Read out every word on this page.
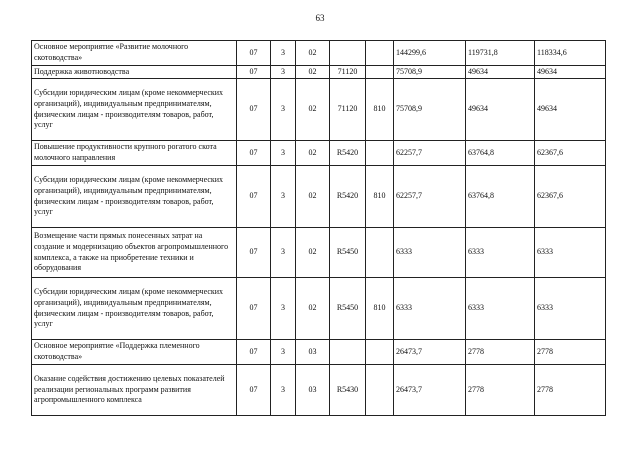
63
Основное мероприятие «Развитие молочного скотоводства»	07	3	02			144299,6	119731,8	118334,6
Поддержка животноводства	07	3	02	71120		75708,9	49634	49634
Субсидии юридическим лицам (кроме некоммерческих организаций), индивидуальным предпринимателям, физическим лицам - производителям товаров, работ, услуг	07	3	02	71120	810	75708,9	49634	49634
Повышение продуктивности крупного рогатого скота молочного направления	07	3	02	R5420		62257,7	63764,8	62367,6
Субсидии юридическим лицам (кроме некоммерческих организаций), индивидуальным предпринимателям, физическим лицам - производителям товаров, работ, услуг	07	3	02	R5420	810	62257,7	63764,8	62367,6
Возмещение части прямых понесенных затрат на создание и модернизацию объектов агропромышленного комплекса, а также на приобретение техники и оборудования	07	3	02	R5450		6333	6333	6333
Субсидии юридическим лицам (кроме некоммерческих организаций), индивидуальным предпринимателям, физическим лицам - производителям товаров, работ, услуг	07	3	02	R5450	810	6333	6333	6333
Основное мероприятие «Поддержка племенного скотоводства»	07	3	03			26473,7	2778	2778
Оказание содействия достижению целевых показателей реализации региональных программ развития агропромышленного комплекса	07	3	03	R5430		26473,7	2778	2778
